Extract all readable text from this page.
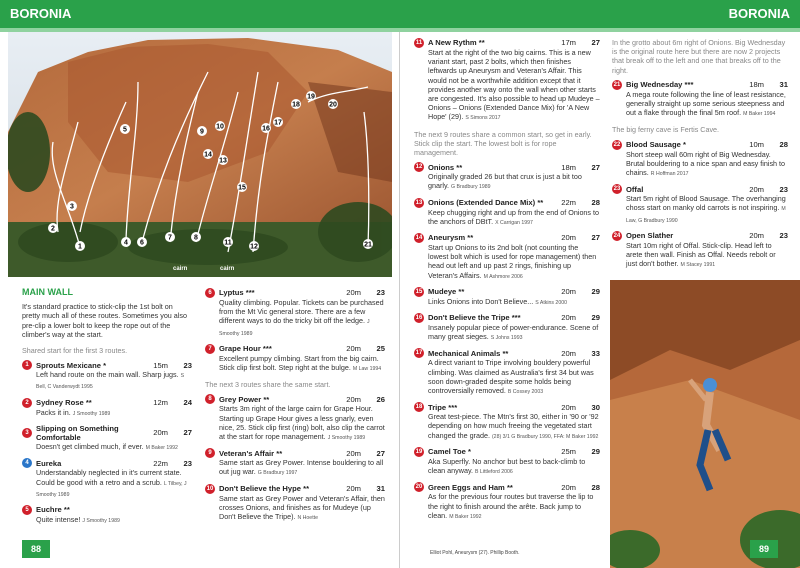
BORONIA
1
2
3
4
5
6
7	8
9
10
11
12
13
14
15
16
17
18
19
20
21
cairn	cairn
MAIN WALL
It's standard practice to stick-clip the 1st bolt on pretty much all of these routes. Sometimes you also pre-clip a lower bolt to keep the rope out of the climber's way at the start.
Shared start for the first 3 routes.
1 Sprouts Mexicane *	15m	23
Left hand route on the main wall. Sharp jugs. S Bell, C Vanderwydt 1995
2 Sydney Rose **	12m	24
Packs it in. J Smoothy 1989
3
Slipping on Something Comfortable
20m	27
Doesn't get climbed much, if ever. M Baker 1992
4 Eureka	22m	23
Understandably neglected in it's current state. Could be good with a retro and a scrub. L Tilbey, J Smoothy 1989
5 Euchre **
Quite intense! J Smoothy 1989
6 Lyptus ***	20m	23
Quality climbing. Popular. Tickets can be purchased from the Mt Vic general store. There are a few different ways to do the tricky bit off the ledge. J Smoothy 1989
7 Grape Hour ***	20m	25
Excellent pumpy climbing. Start from the big cairn. Stick clip first bolt. Step right at the bulge. M Law 1994
The next 3 routes share the same start.
8 Grey Power **	20m	26
Starts 3m right of the large cairn for Grape Hour. Starting up Grape Hour gives a less gnarly, even nice, 25. Stick clip first (ring) bolt, also clip the carrot at the start for rope management. J Smoothy 1989
9 Veteran's Affair **	20m	27
Same start as Grey Power. Intense bouldering to all out jug war. G Bradbury 1997
10 Don't Believe the Hype **	20m	31
Same start as Grey Power and Veteran's Affair, then crosses Onions, and finishes as for Mudeye (up Don't Believe the Tripe). N Hoette
88
BORONIA
11 A New Rythm **	17m	27
Start at the right of the two big cairns. This is a new variant start, past 2 bolts, which then finishes leftwards up Aneurysm and Veteran's Affair. This would not be a worthwhile addition except that it provides another way onto the wall when other starts are congested. It's also possible to head up Mudeye – Onions – Onions (Extended Dance Mix) for 'A New Hope' (29). S Simons 2017
The next 9 routes share a common start, so get in early. Stick clip the start. The lowest bolt is for rope management.
12 Onions **	18m	27
Originally graded 26 but that crux is just a bit too gnarly. G Bradbury 1989
13 Onions (Extended Dance Mix) **	22m	28
Keep chugging right and up from the end of Onions to the anchors of DBtT. X Carrigan 1997
14 Aneurysm **	20m	27
Start up Onions to its 2nd bolt (not counting the lowest bolt which is used for rope management) then head out left and up past 2 rings, finishing up Veteran's Affairs. M Ashmore 2006
15 Mudeye **	20m	29
Links Onions into Don't Believe... S Atkins 2000
16 Don't Believe the Tripe ***	20m	29
Insanely popular piece of power-endurance. Scene of many great sieges. S Johns 1993
17 Mechanical Animals **	20m	33
A direct variant to Tripe involving bouldery powerful climbing. Was claimed as Australia's first 34 but was soon down-graded despite some holds being controversially removed. B Cossey 2003
18 Tripe ***	20m	30
Great test-piece. The Mtn's first 30, either in '90 or '92 depending on how much freeing the vegetated start changed the grade. (28) 3/1 G Bradbury 1990, FFA: M Baker 1992
19 Camel Toe *	25m	29
Aka Superfly. No anchor but best to back-climb to clean anyway. B Littleford 2006
20 Green Eggs and Ham **	20m	28
As for the previous four routes but traverse the lip to the right to finish around the arête. Back jump to clean. M Baker 1992
In the grotto about 6m right of Onions. Big Wednesday is the original route here but there are now 2 projects that break off to the left and one that breaks off to the right.
21 Big Wednesday ***	18m	31
A mega route following the line of least resistance, generally straight up some serious steepness and out a flake through the final 5m roof. M Baker 1994
The big ferny cave is Fertis Cave.
22 Blood Sausage *	10m	28
Short steep wall 60m right of Big Wednesday. Brutal bouldering to a nice span and easy finish to chains. R Hoffman 2017
23 Offal	20m	23
Start 5m right of Blood Sausage. The overhanging choss start on manky old carrots is not inspiring. M Law, G Bradbury 1990
24 Open Slather	20m	23
Start 10m right of Offal. Stick-clip. Head left to arete then wall. Finish as Offal. Needs rebolt or just don't bother. M Stacey 1991
89
Elliot Pohl, Aneurysm (27). Phillip Booth.
